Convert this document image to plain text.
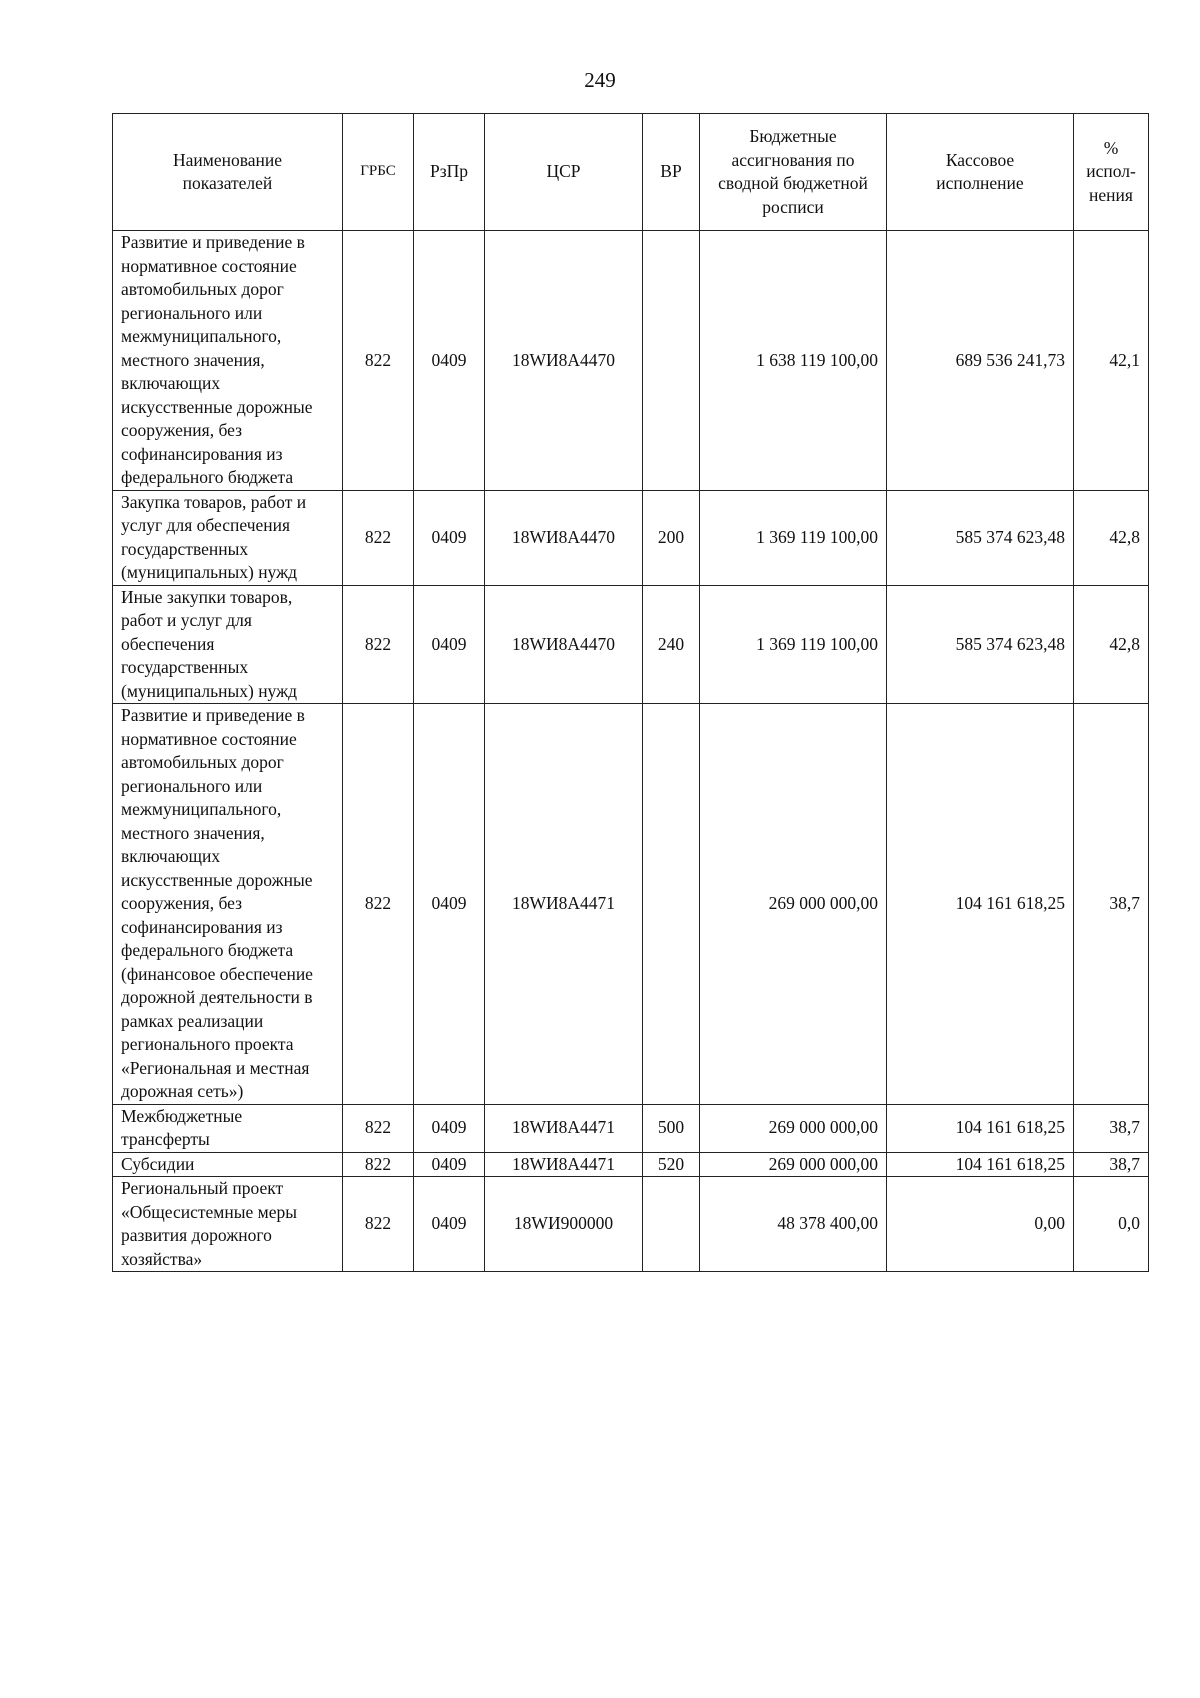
249
Наименование показателей	ГРБС	РзПр	ЦСР	ВР	Бюджетные ассигнования по сводной бюджетной росписи	Кассовое исполнение	% испол-нения
Развитие и приведение в нормативное состояние автомобильных дорог регионального или межмуниципального, местного значения, включающих искусственные дорожные сооружения, без софинансирования из федерального бюджета	822	0409	18WИ8А4470		1 638 119 100,00	689 536 241,73	42,1
Закупка товаров, работ и услуг для обеспечения государственных (муниципальных) нужд	822	0409	18WИ8А4470	200	1 369 119 100,00	585 374 623,48	42,8
Иные закупки товаров, работ и услуг для обеспечения государственных (муниципальных) нужд	822	0409	18WИ8А4470	240	1 369 119 100,00	585 374 623,48	42,8
Развитие и приведение в нормативное состояние автомобильных дорог регионального или межмуниципального, местного значения, включающих искусственные дорожные сооружения, без софинансирования из федерального бюджета (финансовое обеспечение дорожной деятельности в рамках реализации регионального проекта «Региональная и местная дорожная сеть»)	822	0409	18WИ8А4471		269 000 000,00	104 161 618,25	38,7
Межбюджетные трансферты	822	0409	18WИ8А4471	500	269 000 000,00	104 161 618,25	38,7
Субсидии	822	0409	18WИ8А4471	520	269 000 000,00	104 161 618,25	38,7
Региональный проект «Общесистемные меры развития дорожного хозяйства»	822	0409	18WИ900000		48 378 400,00	0,00	0,0
